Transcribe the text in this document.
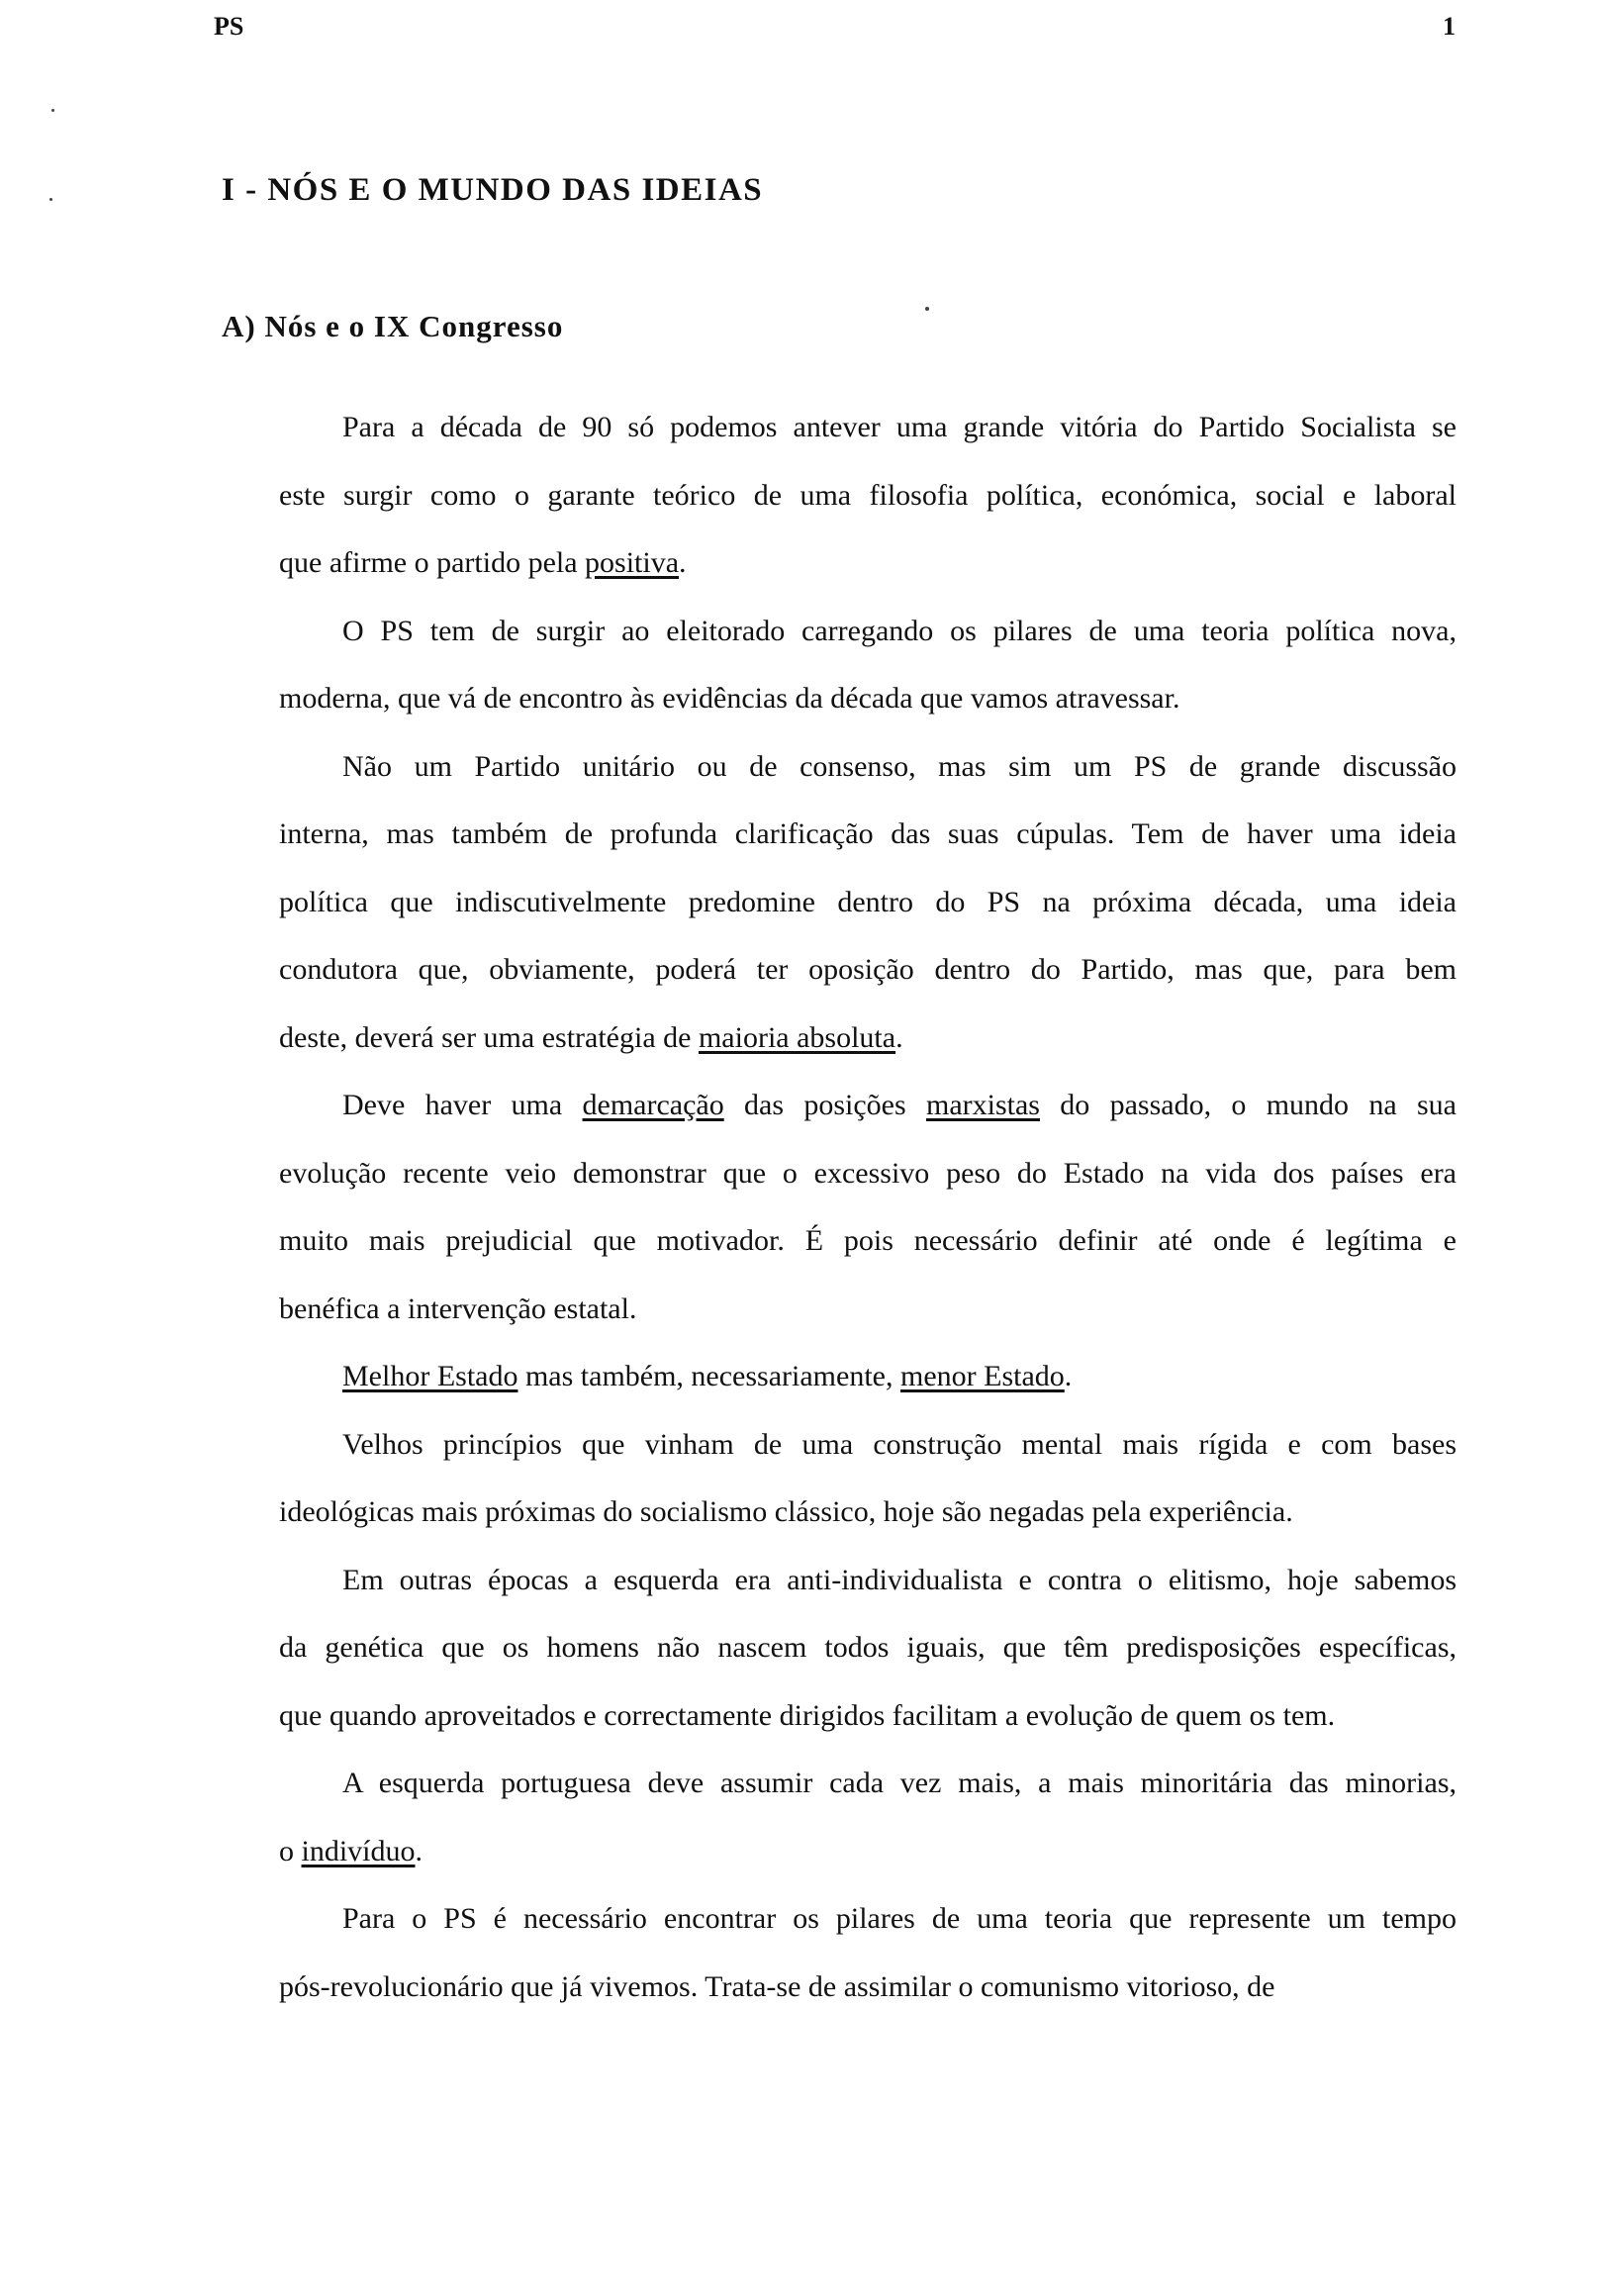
PS	1
I - NÓS E O MUNDO DAS IDEIAS
A) Nós e o IX Congresso
Para a década de 90 só podemos antever uma grande vitória do Partido Socialista se
este surgir como o garante teórico de uma filosofia política, económica, social e laboral
que afirme o partido pela positiva.
O PS tem de surgir ao eleitorado carregando os pilares de uma teoria política nova,
moderna, que vá de encontro às evidências da década que vamos atravessar.
Não um Partido unitário ou de consenso, mas sim um PS de grande discussão
interna, mas também de profunda clarificação das suas cúpulas. Tem de haver uma ideia
política que indiscutivelmente predomine dentro do PS na próxima década, uma ideia
condutora que, obviamente, poderá ter oposição dentro do Partido, mas que, para bem
deste, deverá ser uma estratégia de maioria absoluta.
Deve haver uma demarcação das posições marxistas do passado, o mundo na sua
evolução recente veio demonstrar que o excessivo peso do Estado na vida dos países era
muito mais prejudicial que motivador. É pois necessário definir até onde é legítima e
benéfica a intervenção estatal.
Melhor Estado mas também, necessariamente, menor Estado.
Velhos princípios que vinham de uma construção mental mais rígida e com bases
ideológicas mais próximas do socialismo clássico, hoje são negadas pela experiência.
Em outras épocas a esquerda era anti-individualista e contra o elitismo, hoje sabemos
da genética que os homens não nascem todos iguais, que têm predisposições específicas,
que quando aproveitados e correctamente dirigidos facilitam a evolução de quem os tem.
A esquerda portuguesa deve assumir cada vez mais, a mais minoritária das minorias,
o indivíduo.
Para o PS é necessário encontrar os pilares de uma teoria que represente um tempo
pós-revolucionário que já vivemos. Trata-se de assimilar o comunismo vitorioso, de
